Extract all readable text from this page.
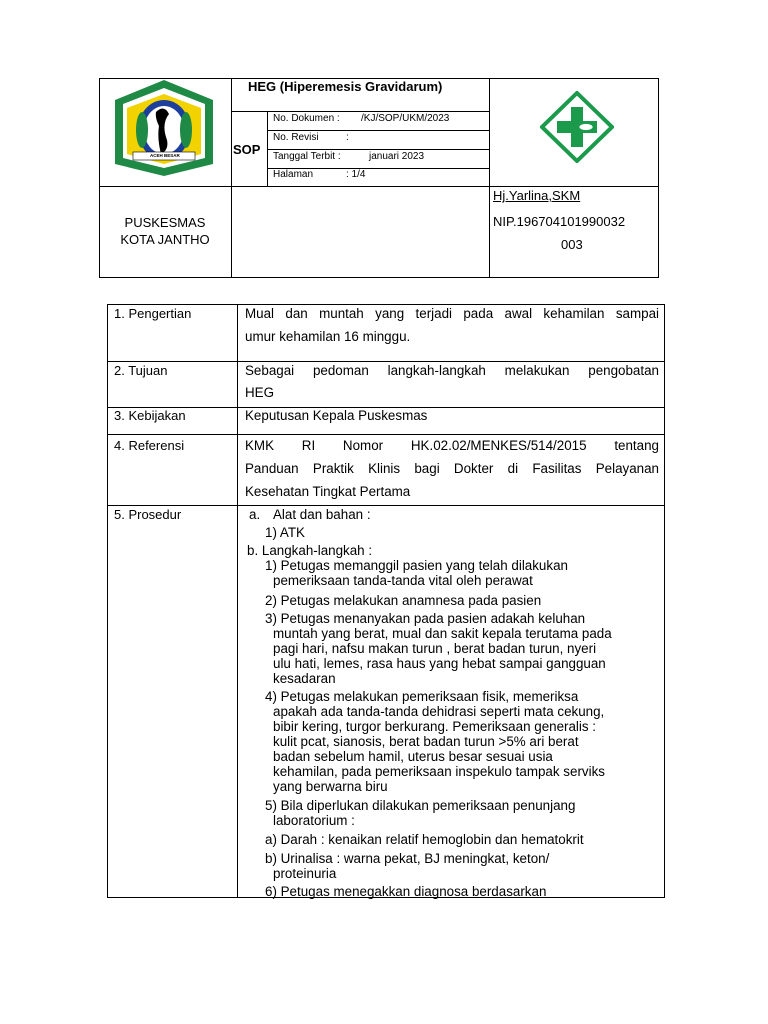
ACEH BESAR
HEG (Hiperemesis Gravidarum)
SOP
No. Dokumen : /KJ/SOP/UKM/2023
No. Revisi	:
Tanggal Terbit :	januari 2023
Halaman	: 1/4
PUSKESMAS
KOTA JANTHO
Hj.Yarlina,SKM
NIP.196704101990032
003
1. Pengertian	Mual dan muntah yang terjadi pada awal kehamilan sampai
umur kehamilan 16 minggu.
2. Tujuan	Sebagai pedoman langkah-langkah melakukan pengobatan
HEG
3. Kebijakan	Keputusan Kepala Puskesmas
4. Referensi	KMK RI Nomor HK.02.02/MENKES/514/2015 tentang
Panduan Praktik Klinis bagi Dokter di Fasilitas Pelayanan
Kesehatan Tingkat Pertama
5. Prosedur	a. Alat dan bahan :
1) ATK
b. Langkah-langkah :
1) Petugas memanggil pasien yang telah dilakukan
pemeriksaan tanda-tanda vital oleh perawat
2) Petugas melakukan anamnesa pada pasien
3) Petugas menanyakan pada pasien adakah keluhan
muntah yang berat, mual dan sakit kepala terutama pada
pagi hari, nafsu makan turun , berat badan turun, nyeri
ulu hati, lemes, rasa haus yang hebat sampai gangguan
kesadaran
4) Petugas melakukan pemeriksaan fisik, memeriksa
apakah ada tanda-tanda dehidrasi seperti mata cekung,
bibir kering, turgor berkurang. Pemeriksaan generalis :
kulit pcat, sianosis, berat badan turun >5% ari berat
badan sebelum hamil, uterus besar sesuai usia
kehamilan, pada pemeriksaan inspekulo tampak serviks
yang berwarna biru
5) Bila diperlukan dilakukan pemeriksaan penunjang
laboratorium :
a) Darah : kenaikan relatif hemoglobin dan hematokrit
b) Urinalisa : warna pekat, BJ meningkat, keton/
proteinuria
6) Petugas menegakkan diagnosa berdasarkan
